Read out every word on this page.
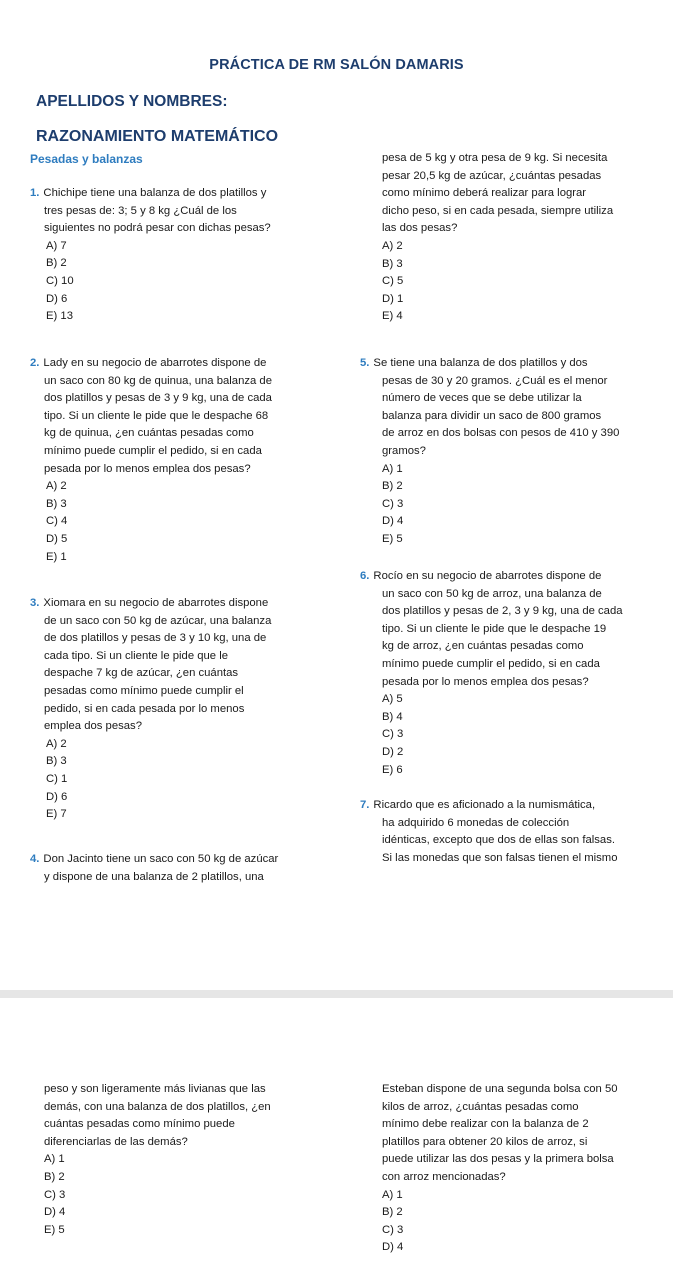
PRÁCTICA DE RM SALÓN DAMARIS
APELLIDOS Y NOMBRES:
RAZONAMIENTO MATEMÁTICO
Pesadas y balanzas
1. Chichipe tiene una balanza de dos platillos y
tres pesas de: 3; 5 y 8 kg ¿Cuál de los
siguientes no podrá pesar con dichas pesas?
A) 7
B) 2
C) 10
D) 6
E) 13
2. Lady en su negocio de abarrotes dispone de
un saco con 80 kg de quinua, una balanza de
dos platillos y pesas de 3 y 9 kg, una de cada
tipo. Si un cliente le pide que le despache 68
kg de quinua, ¿en cuántas pesadas como
mínimo puede cumplir el pedido, si en cada
pesada por lo menos emplea dos pesas?
A) 2
B) 3
C) 4
D) 5
E) 1
3. Xiomara en su negocio de abarrotes dispone
de un saco con 50 kg de azúcar, una balanza
de dos platillos y pesas de 3 y 10 kg, una de
cada tipo. Si un cliente le pide que le
despache 7 kg de azúcar, ¿en cuántas
pesadas como mínimo puede cumplir el
pedido, si en cada pesada por lo menos
emplea dos pesas?
A) 2
B) 3
C) 1
D) 6
E) 7
4. Don Jacinto tiene un saco con 50 kg de azúcar
y dispone de una balanza de 2 platillos, una
pesa de 5 kg y otra pesa de 9 kg. Si necesita
pesar 20,5 kg de azúcar, ¿cuántas pesadas
como mínimo deberá realizar para lograr
dicho peso, si en cada pesada, siempre utiliza
las dos pesas?
A) 2
B) 3
C) 5
D) 1
E) 4
5. Se tiene una balanza de dos platillos y dos
pesas de 30 y 20 gramos. ¿Cuál es el menor
número de veces que se debe utilizar la
balanza para dividir un saco de 800 gramos
de arroz en dos bolsas con pesos de 410 y 390
gramos?
A) 1
B) 2
C) 3
D) 4
E) 5
6. Rocío en su negocio de abarrotes dispone de
un saco con 50 kg de arroz, una balanza de
dos platillos y pesas de 2, 3 y 9 kg, una de cada
tipo. Si un cliente le pide que le despache 19
kg de arroz, ¿en cuántas pesadas como
mínimo puede cumplir el pedido, si en cada
pesada por lo menos emplea dos pesas?
A) 5
B) 4
C) 3
D) 2
E) 6
7. Ricardo que es aficionado a la numismática,
ha adquirido 6 monedas de colección
idénticas, excepto que dos de ellas son falsas.
Si las monedas que son falsas tienen el mismo
peso y son ligeramente más livianas que las
demás, con una balanza de dos platillos, ¿en
cuántas pesadas como mínimo puede
diferenciarlas de las demás?
A) 1
B) 2
C) 3
D) 4
E) 5
Esteban dispone de una segunda bolsa con 50
kilos de arroz, ¿cuántas pesadas como
mínimo debe realizar con la balanza de 2
platillos para obtener 20 kilos de arroz, si
puede utilizar las dos pesas y la primera bolsa
con arroz mencionadas?
A) 1
B) 2
C) 3
D) 4
